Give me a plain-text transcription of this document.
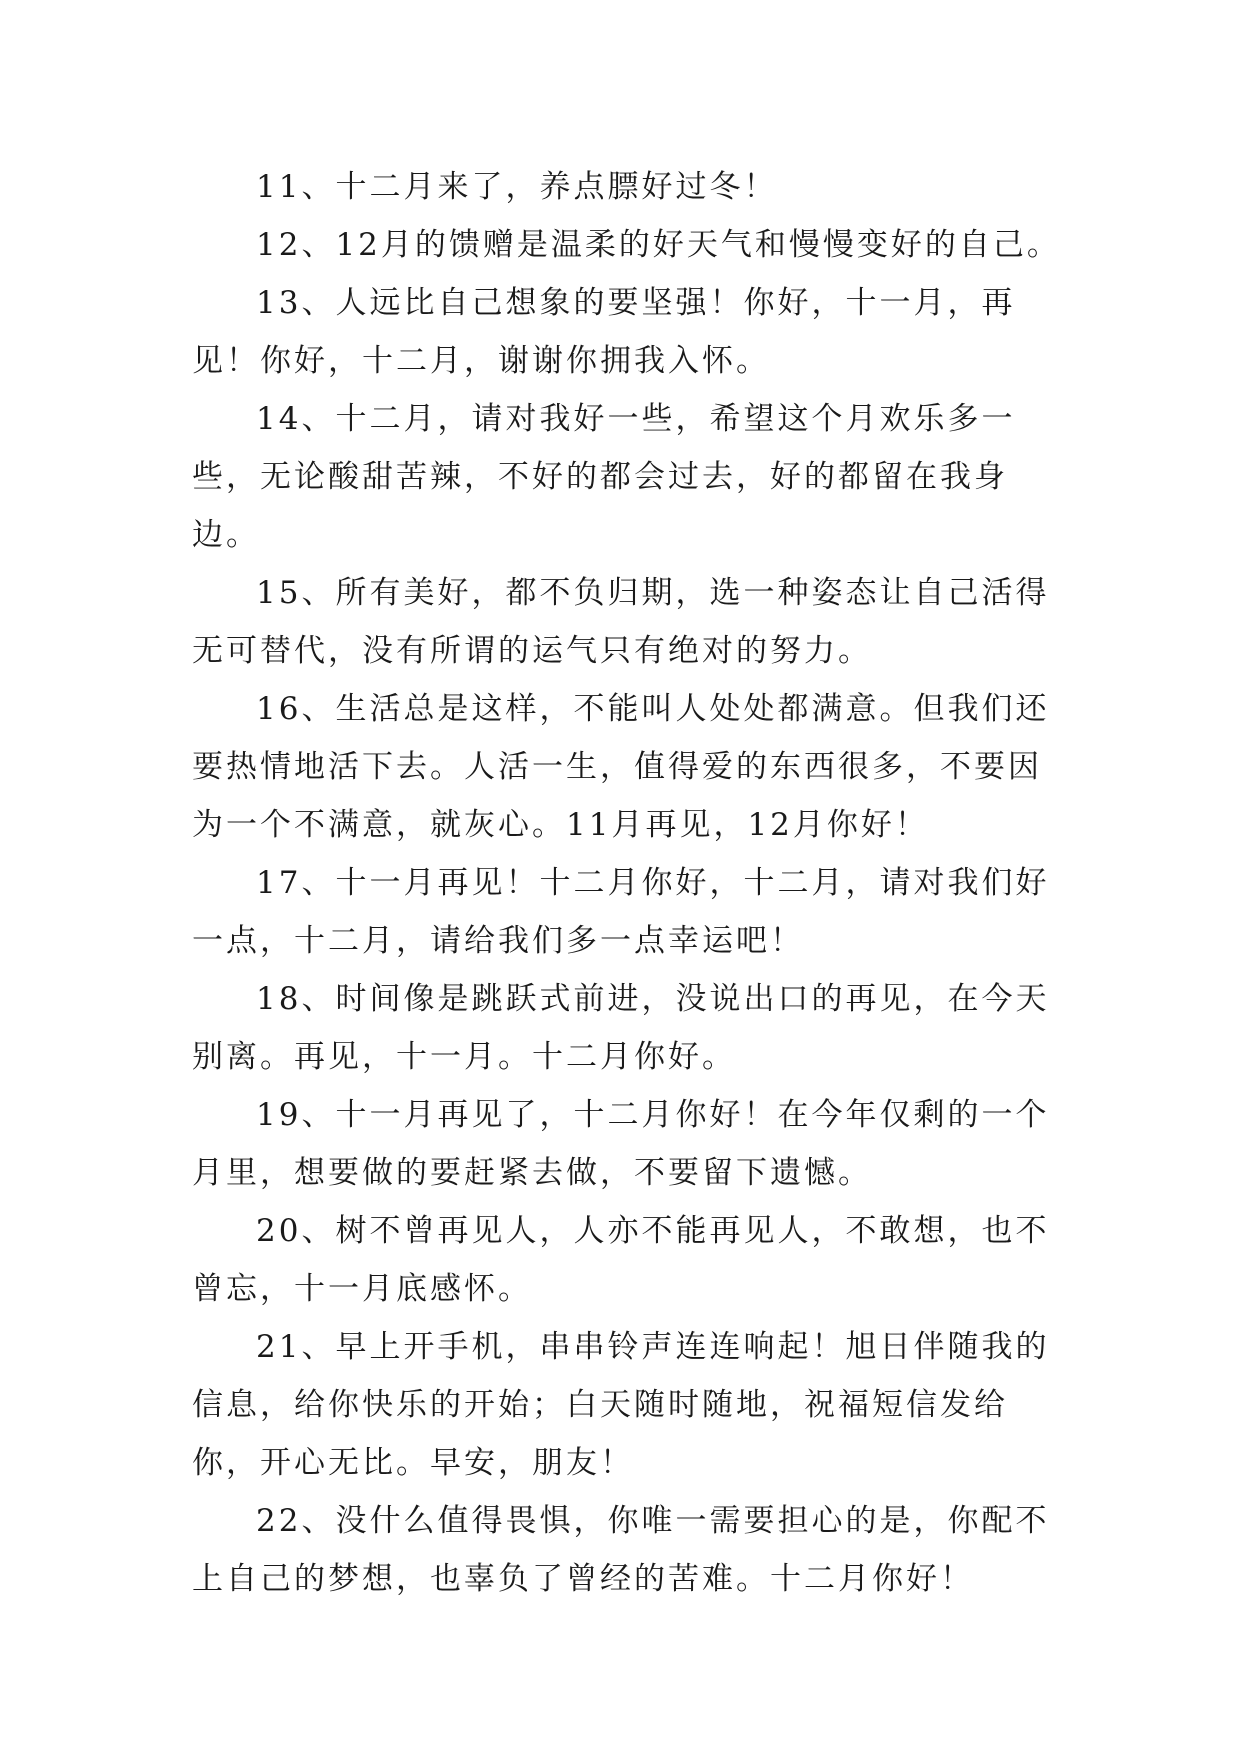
11、十二月来了，养点膘好过冬！

12、12月的馈赠是温柔的好天气和慢慢变好的自己。

13、人远比自己想象的要坚强！你好，十一月，再见！你好，十二月，谢谢你拥我入怀。

14、十二月，请对我好一些，希望这个月欢乐多一些，无论酸甜苦辣，不好的都会过去，好的都留在我身边。

15、所有美好，都不负归期，选一种姿态让自己活得无可替代，没有所谓的运气只有绝对的努力。

16、生活总是这样，不能叫人处处都满意。但我们还要热情地活下去。人活一生，值得爱的东西很多，不要因为一个不满意，就灰心。11月再见，12月你好！

17、十一月再见！十二月你好，十二月，请对我们好一点，十二月，请给我们多一点幸运吧！

18、时间像是跳跃式前进，没说出口的再见，在今天别离。再见，十一月。十二月你好。

19、十一月再见了，十二月你好！在今年仅剩的一个月里，想要做的要赶紧去做，不要留下遗憾。

20、树不曾再见人，人亦不能再见人，不敢想，也不曾忘，十一月底感怀。

21、早上开手机，串串铃声连连响起！旭日伴随我的信息，给你快乐的开始；白天随时随地，祝福短信发给你，开心无比。早安，朋友！

22、没什么值得畏惧，你唯一需要担心的是，你配不上自己的梦想，也辜负了曾经的苦难。十二月你好！
